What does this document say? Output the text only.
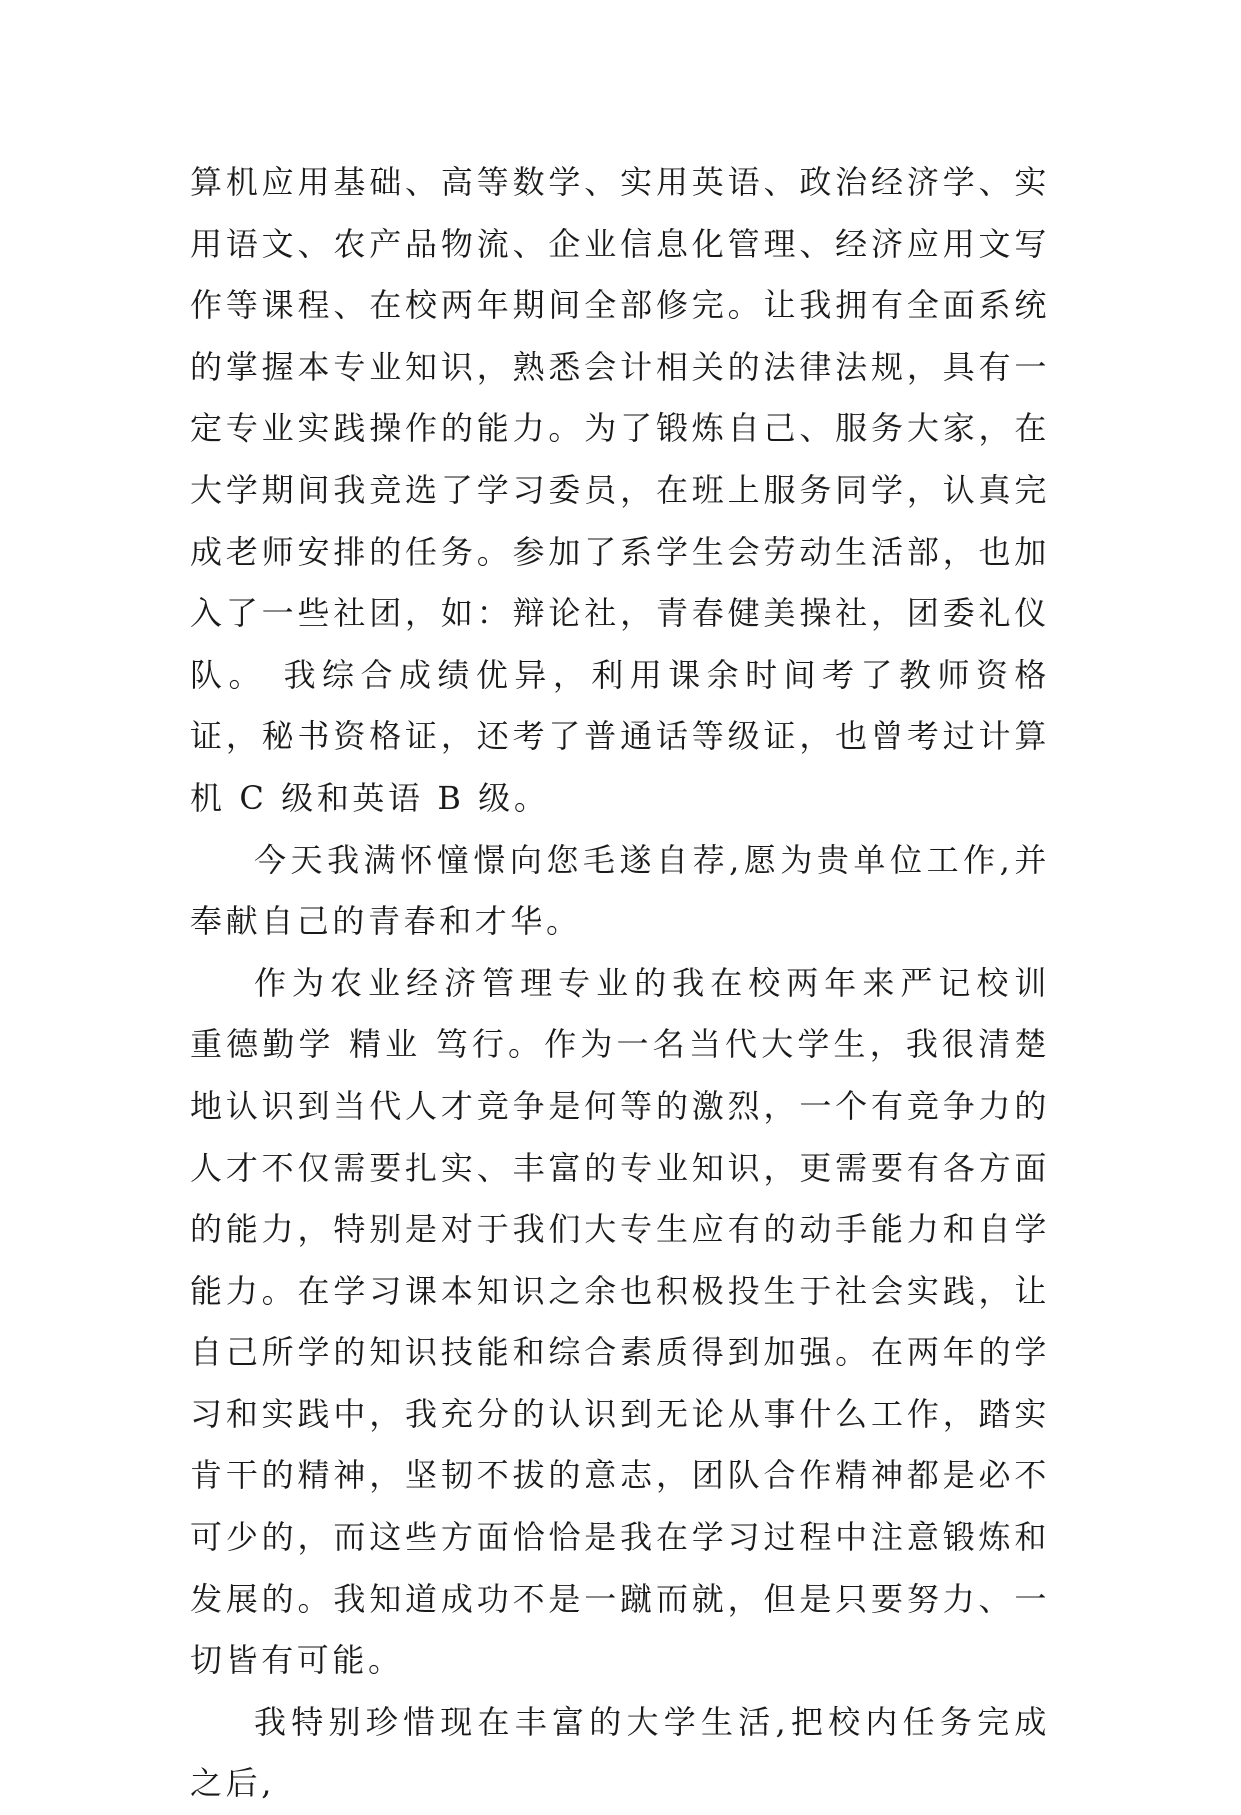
算机应用基础、高等数学、实用英语、政治经济学、实用语文、农产品物流、企业信息化管理、经济应用文写作等课程、在校两年期间全部修完。让我拥有全面系统的掌握本专业知识，熟悉会计相关的法律法规，具有一定专业实践操作的能力。为了锻炼自己、服务大家，在大学期间我竞选了学习委员，在班上服务同学，认真完成老师安排的任务。参加了系学生会劳动生活部，也加入了一些社团，如：辩论社，青春健美操社，团委礼仪队。 我综合成绩优异，利用课余时间考了教师资格证，秘书资格证，还考了普通话等级证，也曾考过计算机 C 级和英语 B 级。

今天我满怀憧憬向您毛遂自荐,愿为贵单位工作,并奉献自己的青春和才华。

作为农业经济管理专业的我在校两年来严记校训 重德勤学 精业 笃行。作为一名当代大学生，我很清楚地认识到当代人才竞争是何等的激烈，一个有竞争力的人才不仅需要扎实、丰富的专业知识，更需要有各方面的能力，特别是对于我们大专生应有的动手能力和自学能力。在学习课本知识之余也积极投生于社会实践，让自己所学的知识技能和综合素质得到加强。在两年的学习和实践中，我充分的认识到无论从事什么工作，踏实肯干的精神，坚韧不拔的意志，团队合作精神都是必不可少的，而这些方面恰恰是我在学习过程中注意锻炼和发展的。我知道成功不是一蹴而就，但是只要努力、一切皆有可能。

我特别珍惜现在丰富的大学生活,把校内任务完成之后,
